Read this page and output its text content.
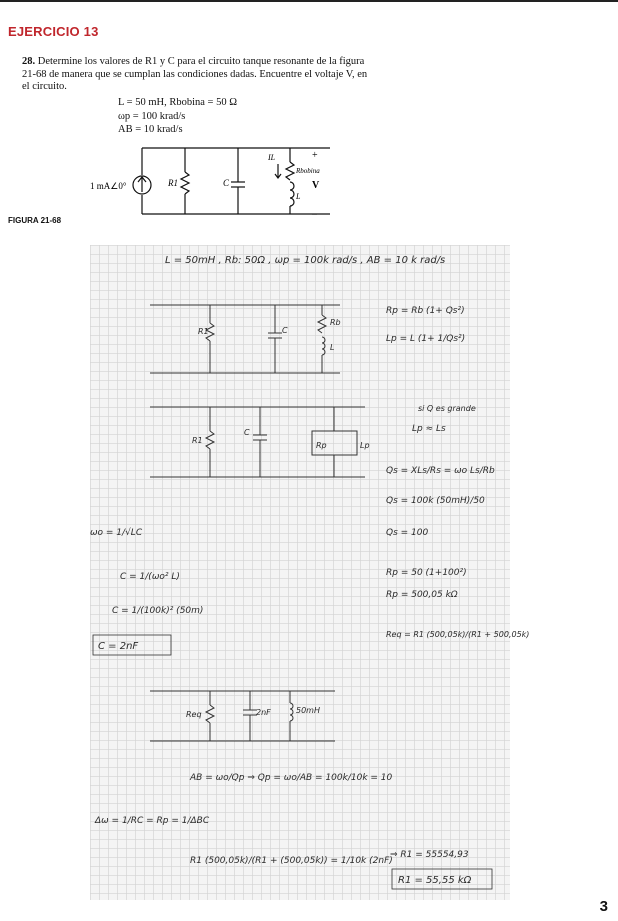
EJERCICIO 13
28. Determine los valores de R1 y C para el circuito tanque resonante de la figura 21-68 de manera que se cumplan las condiciones dadas. Encuentre el voltaje V, en el circuito.
L = 50 mH, Rbobina = 50 Ω
ωp = 100 krad/s
AB = 10 krad/s
1 mA∠0°	R1	C
IL
Rbobina
L
V
+
–
FIGURA 21-68
L = 50mH , Rb: 50Ω , ωp = 100k rad/s , AB = 10 k rad/s
R1	C
Rb
L
Rp = Rb (1+ Qs²)
Lp = L (1+ 1/Qs²)
si Q es grande
Lp ≈ Ls
R1
C
Rp	Lp
Qs = XLs/Rs = ωo Ls/Rb
Qs = 100k (50mH)/50
Qs = 100
ωo = 1/√LC
C = 1/(ωo² L)
C = 1/(100k)² (50m)
C = 2nF
Rp = 50 (1+100²)
Rp = 500,05 kΩ
Req = R1 (500,05k)/(R1 + 500,05k)
Req	2nF	50mH
AB = ωo/Qp ⇒ Qp = ωo/AB = 100k/10k = 10
Δω = 1/RC = Rp = 1/ΔBC
R1 (500,05k)/(R1 + (500,05k)) = 1/10k (2nF)
⇒ R1 = 55554,93
R1 = 55,55 kΩ
3
